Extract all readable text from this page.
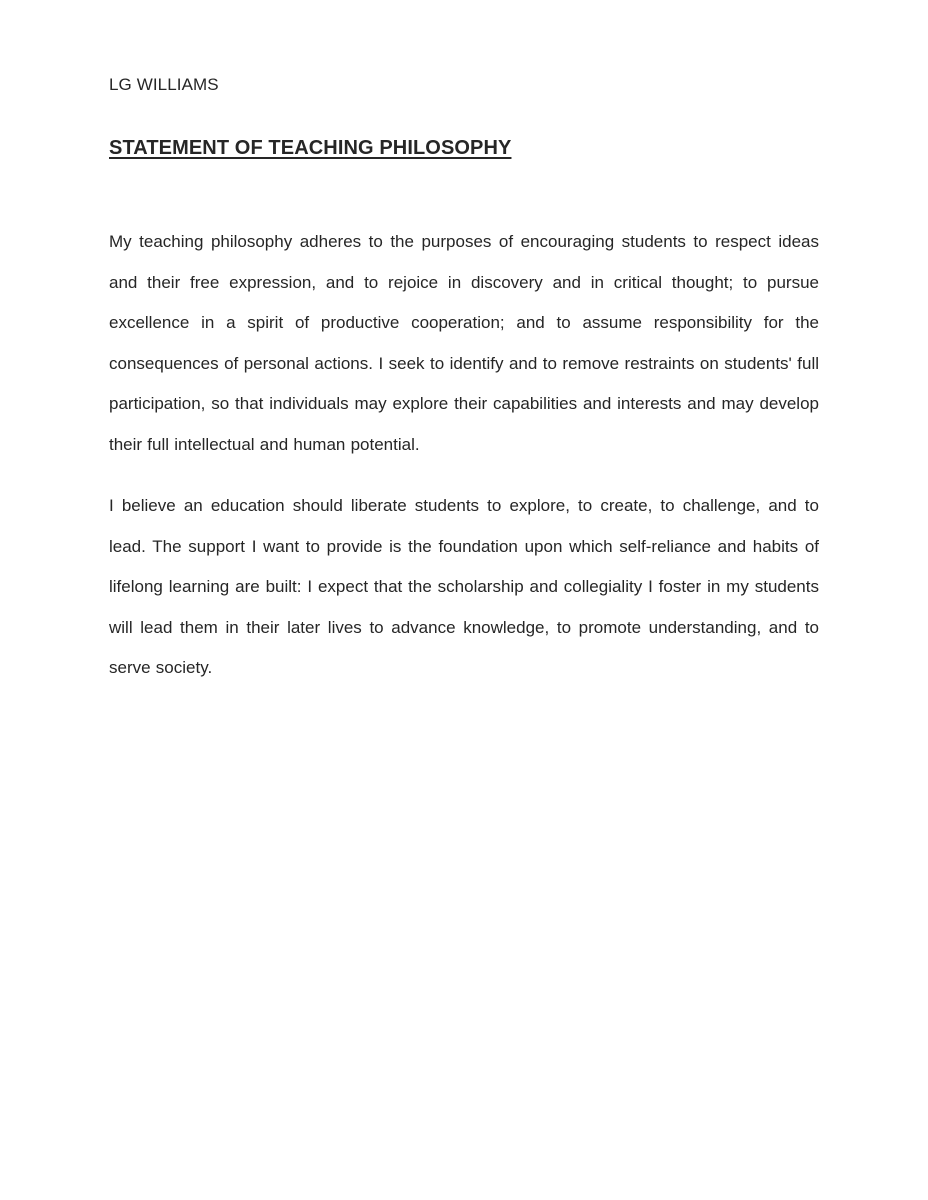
LG WILLIAMS

STATEMENT OF TEACHING PHILOSOPHY

My teaching philosophy adheres to the purposes of encouraging students to respect ideas and their free expression, and to rejoice in discovery and in critical thought; to pursue excellence in a spirit of productive cooperation; and to assume responsibility for the consequences of personal actions. I seek to identify and to remove restraints on students' full participation, so that individuals may explore their capabilities and interests and may develop their full intellectual and human potential.

I believe an education should liberate students to explore, to create, to challenge, and to lead. The support I want to provide is the foundation upon which self-reliance and habits of lifelong learning are built: I expect that the scholarship and collegiality I foster in my students will lead them in their later lives to advance knowledge, to promote understanding, and to serve society.
